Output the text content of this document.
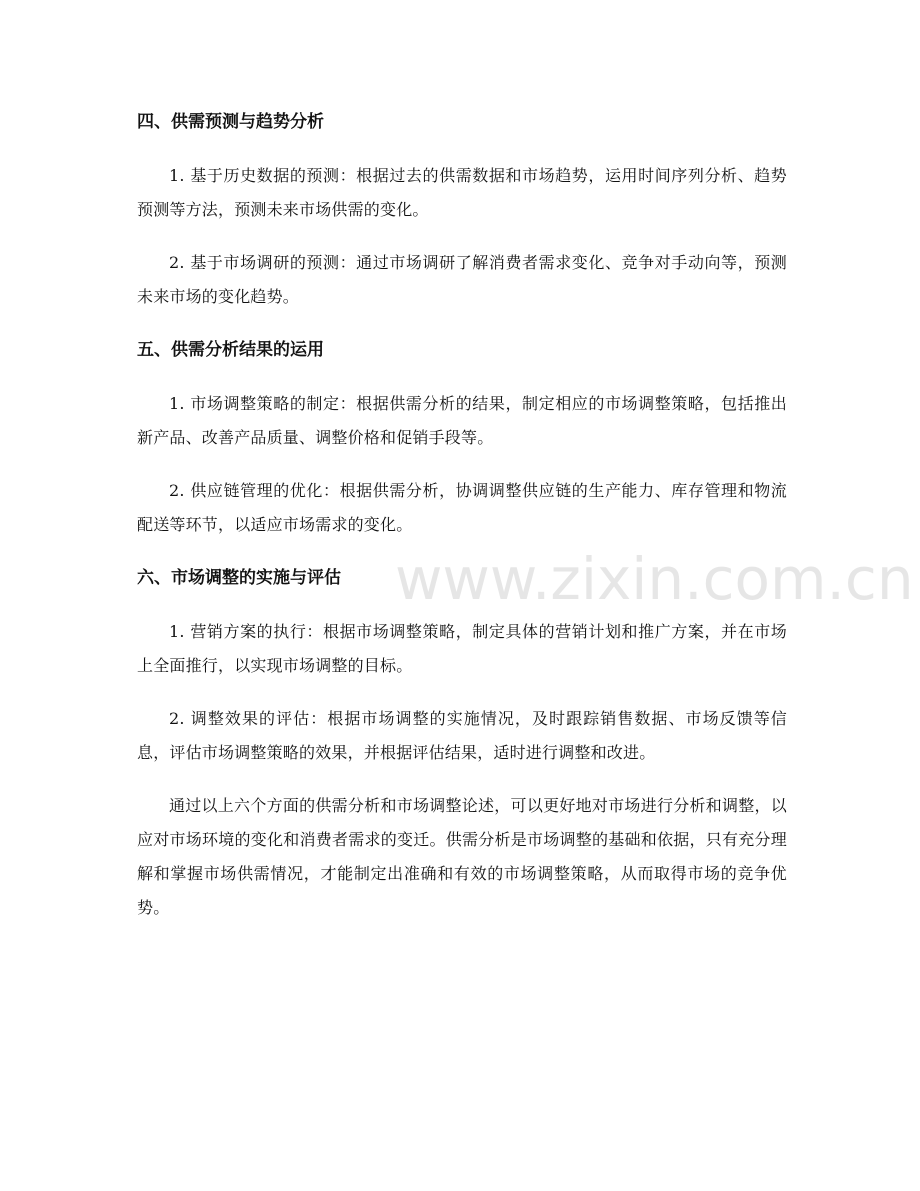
www.zixin.com.cn
四、供需预测与趋势分析

1. 基于历史数据的预测：根据过去的供需数据和市场趋势，运用时间序列分析、趋势预测等方法，预测未来市场供需的变化。

2. 基于市场调研的预测：通过市场调研了解消费者需求变化、竞争对手动向等，预测未来市场的变化趋势。

五、供需分析结果的运用

1. 市场调整策略的制定：根据供需分析的结果，制定相应的市场调整策略，包括推出新产品、改善产品质量、调整价格和促销手段等。

2. 供应链管理的优化：根据供需分析，协调调整供应链的生产能力、库存管理和物流配送等环节，以适应市场需求的变化。

六、市场调整的实施与评估

1. 营销方案的执行：根据市场调整策略，制定具体的营销计划和推广方案，并在市场上全面推行，以实现市场调整的目标。

2. 调整效果的评估：根据市场调整的实施情况，及时跟踪销售数据、市场反馈等信息，评估市场调整策略的效果，并根据评估结果，适时进行调整和改进。

通过以上六个方面的供需分析和市场调整论述，可以更好地对市场进行分析和调整，以应对市场环境的变化和消费者需求的变迁。供需分析是市场调整的基础和依据，只有充分理解和掌握市场供需情况，才能制定出准确和有效的市场调整策略，从而取得市场的竞争优势。
